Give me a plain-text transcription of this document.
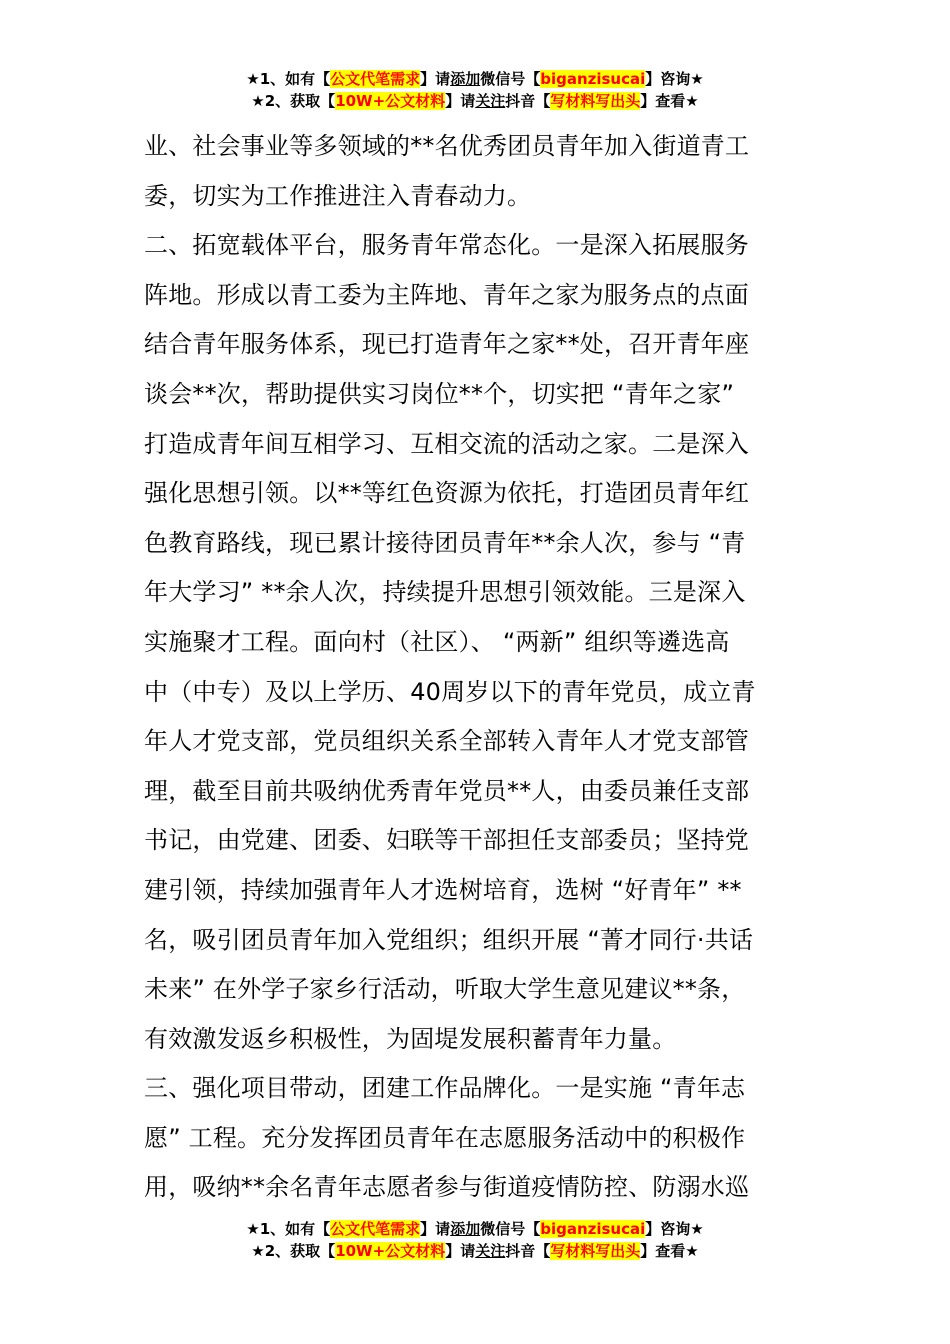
★1、如有【公文代笔需求】请添加微信号【biganzisucai】咨询★
★2、获取【10W+公文材料】请关注抖音【写材料写出头】查看★
业、社会事业等多领域的**名优秀团员青年加入街道青工
委，切实为工作推进注入青春动力。
二、拓宽载体平台，服务青年常态化。一是深入拓展服务
阵地。形成以青工委为主阵地、青年之家为服务点的点面
结合青年服务体系，现已打造青年之家**处，召开青年座
谈会**次，帮助提供实习岗位**个，切实把 “青年之家”
打造成青年间互相学习、互相交流的活动之家。二是深入
强化思想引领。以**等红色资源为依托，打造团员青年红
色教育路线，现已累计接待团员青年**余人次，参与 “青
年大学习” **余人次，持续提升思想引领效能。三是深入
实施聚才工程。面向村（社区）、 “两新” 组织等遴选高
中（中专）及以上学历、40周岁以下的青年党员，成立青
年人才党支部，党员组织关系全部转入青年人才党支部管
理，截至目前共吸纳优秀青年党员**人，由委员兼任支部
书记，由党建、团委、妇联等干部担任支部委员；坚持党
建引领，持续加强青年人才选树培育，选树 “好青年” **
名，吸引团员青年加入党组织；组织开展 “菁才同行·共话
未来” 在外学子家乡行活动，听取大学生意见建议**条，
有效激发返乡积极性，为固堤发展积蓄青年力量。
三、强化项目带动，团建工作品牌化。一是实施 “青年志
愿” 工程。充分发挥团员青年在志愿服务活动中的积极作
用，吸纳**余名青年志愿者参与街道疫情防控、防溺水巡
★1、如有【公文代笔需求】请添加微信号【biganzisucai】咨询★
★2、获取【10W+公文材料】请关注抖音【写材料写出头】查看★
